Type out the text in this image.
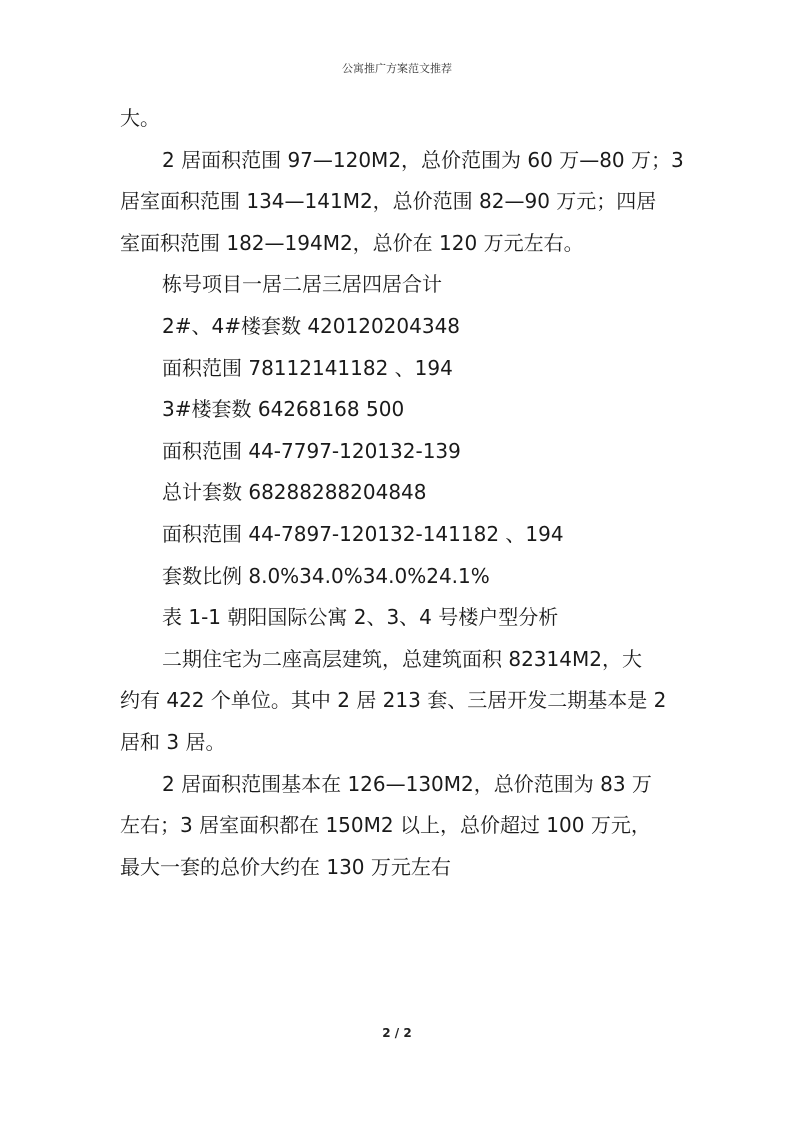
公寓推广方案范文推荐
大。
2 居面积范围 97—120M2，总价范围为 60 万—80 万；3
居室面积范围 134—141M2，总价范围 82—90 万元；四居
室面积范围 182—194M2，总价在 120 万元左右。
栋号项目一居二居三居四居合计
2#、4#楼套数 420120204348
面积范围 78112141182 、194
3#楼套数 64268168 500
面积范围 44-7797-120132-139
总计套数 68288288204848
面积范围 44-7897-120132-141182 、194
套数比例 8.0%34.0%34.0%24.1%
表 1-1 朝阳国际公寓 2、3、4 号楼户型分析
二期住宅为二座高层建筑，总建筑面积 82314M2，大
约有 422 个单位。其中 2 居 213 套、三居开发二期基本是 2
居和 3 居。
2 居面积范围基本在 126—130M2，总价范围为 83 万
左右；3 居室面积都在 150M2 以上，总价超过 100 万元，
最大一套的总价大约在 130 万元左右
2 / 2
